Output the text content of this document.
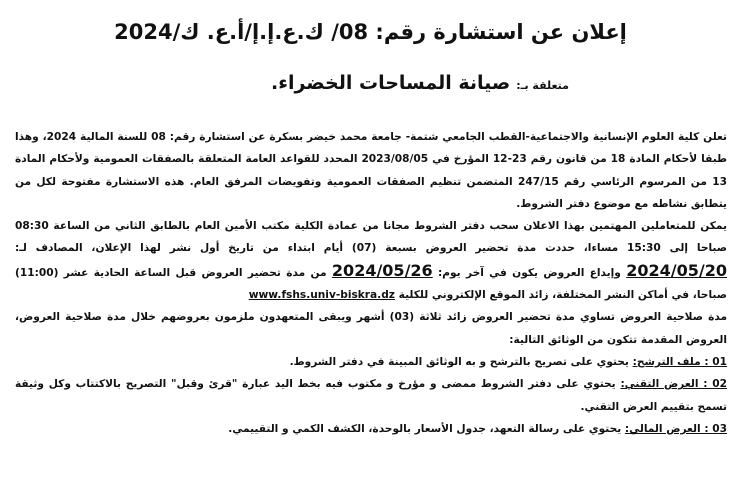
إعلان عن استشارة رقم: 08/ ك.ع.إ.إ/أ.ع. ك/2024
متعلقة بـ:
صيانة المساحات الخضراء.

تعلن كلية العلوم الإنسانية والاجتماعية-القطب الجامعي شتمة- جامعة محمد خيضر بسكرة عن استشارة رقم: 08 للسنة المالية 2024، وهذا طبقا لأحكام المادة 18 من قانون رقم 23-12 المؤرخ في 2023/08/05 المحدد للقواعد العامة المتعلقة بالصفقات العمومية ولأحكام المادة 13 من المرسوم الرئاسي رقم 247/15 المتضمن تنظيم الصفقات العمومية وتفويضات المرفق العام. هذه الاستشارة مفتوحة لكل من يتطابق نشاطه مع موضوع دفتر الشروط.

يمكن للمتعاملين المهتمين بهذا الاعلان سحب دفتر الشروط مجانا من عمادة الكلية مكتب الأمين العام بالطابق الثاني من الساعة 08:30 صباحا إلى 15:30 مساءا، حددت مدة تحضير العروض بسبعة (07) أيام ابتداء من تاريخ أول نشر لهذا الإعلان، المصادف لـ: 2024/05/20 وإيداع العروض يكون في آخر يوم: 2024/05/26 من مدة تحضير العروض قبل الساعة الحادية عشر (11:00) صباحا، في أماكن النشر المختلفة، زائد الموقع الإلكتروني للكلية www.fshs.univ-biskra.dz

مدة صلاحية العروض تساوي مدة تحضير العروض زائد ثلاثة (03) أشهر ويبقى المتعهدون ملزمون بعروضهم خلال مدة صلاحية العروض، العروض المقدمة تتكون من الوثائق التالية:

01 : ملف الترشح: يحتوي على تصريح بالترشح و به الوثائق المبينة في دفتر الشروط.

02 : العرض التقني: يحتوي على دفتر الشروط ممضى و مؤرخ و مكتوب فيه بخط اليد عبارة "قرئ وقبل" التصريح بالاكتتاب وكل وثيقة تسمح بتقييم العرض التقني.

03 : العرض المالي: يحتوي على رسالة التعهد، جدول الأسعار بالوحدة، الكشف الكمي و التقييمي.
